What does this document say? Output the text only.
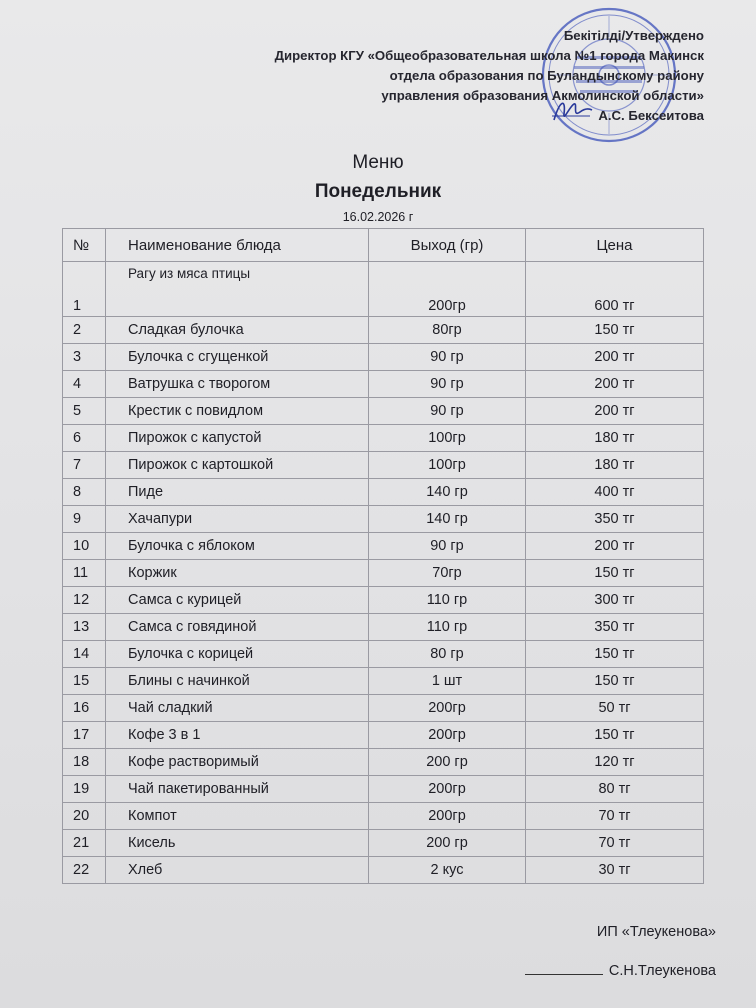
Бекітілді/Утверждено
Директор КГУ «Общеобразовательная школа №1 города Макинск
отдела образования по Буландынскому району
управления образования Акмолинской области»
А.С. Бексеитова
Меню
Понедельник
16.02.2026 г
№	Наименование блюда	Выход (гр)	Цена
1	Рагу из мяса птицы	200гр	600 тг
2	Сладкая булочка	80гр	150 тг
3	Булочка с сгущенкой	90 гр	200 тг
4	Ватрушка с творогом	90 гр	200 тг
5	Крестик с повидлом	90 гр	200 тг
6	Пирожок с капустой	100гр	180 тг
7	Пирожок с картошкой	100гр	180 тг
8	Пиде	140 гр	400 тг
9	Хачапури	140 гр	350 тг
10	Булочка с яблоком	90 гр	200 тг
11	Коржик	70гр	150 тг
12	Самса с курицей	110 гр	300 тг
13	Самса с говядиной	110 гр	350 тг
14	Булочка с корицей	80 гр	150 тг
15	Блины с начинкой	1 шт	150 тг
16	Чай сладкий	200гр	50 тг
17	Кофе 3 в 1	200гр	150 тг
18	Кофе растворимый	200 гр	120 тг
19	Чай пакетированный	200гр	80 тг
20	Компот	200гр	70 тг
21	Кисель	200 гр	70 тг
22	Хлеб	2 кус	30 тг
ИП «Тлеукенова»
С.Н.Тлеукенова
